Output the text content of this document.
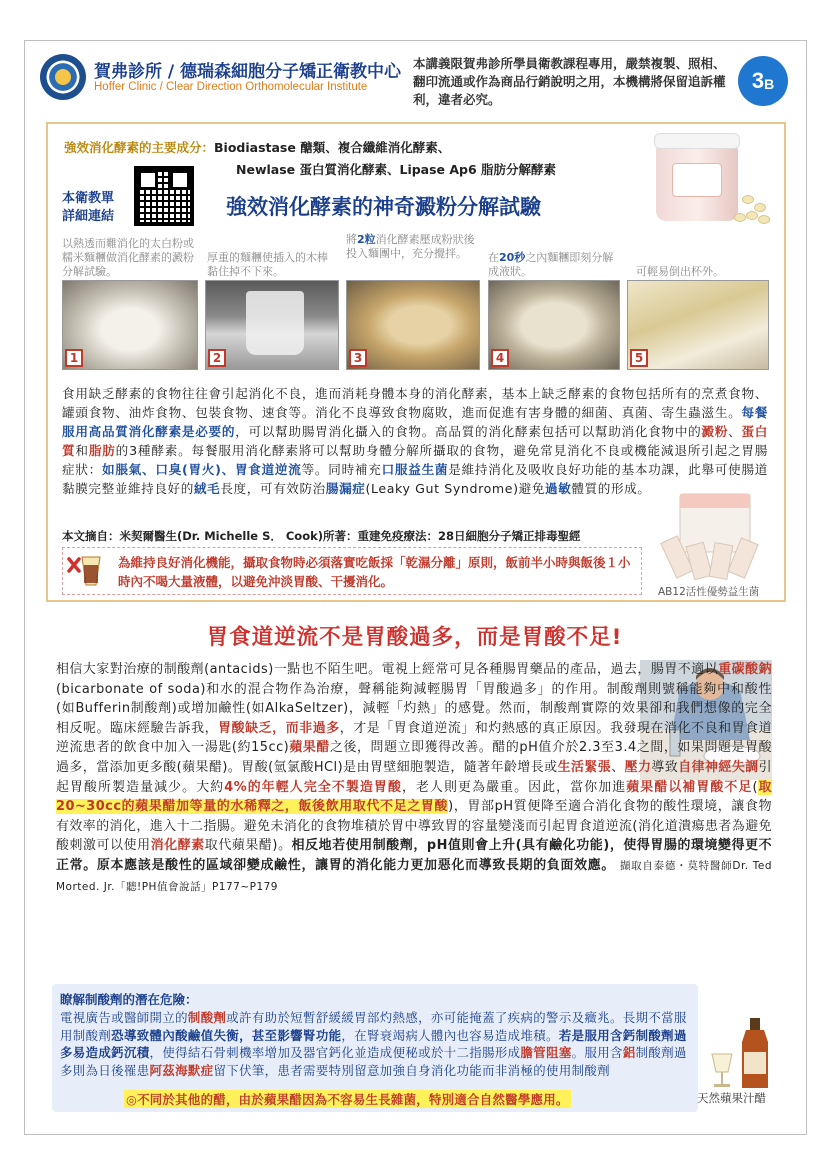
賀弗診所 / 德瑞森細胞分子矯正衛教中心
Hoffer Clinic / Clear Direction Orthomolecular Institute
本講義限賀弗診所學員衛教課程專用，嚴禁複製、照相、翻印流通或作為商品行銷說明之用，本機構將保留追訴權利，違者必究。
3 B
強效消化酵素的主要成分：Biodiastase 醣類、複合纖維消化酵素、
Newlase 蛋白質消化酵素、Lipase Ap6 脂肪分解酵素
本衛教單
詳細連結	強效消化酵素的神奇澱粉分解試驗
以熱透而難消化的太白粉或糯米麵糰做消化酵素的澱粉分解試驗。
厚重的麵糰使插入的木棒黏住掉不下來。
將2粒消化酵素壓成粉狀後投入麵團中，充分攪拌。	在20秒之內麵糰即刻分解成液狀。	可輕易倒出杯外。
1	2	3	4	5
食用缺乏酵素的食物往往會引起消化不良，進而消耗身體本身的消化酵素，基本上缺乏酵素的食物包括所有的烹煮食物、罐頭食物、油炸食物、包裝食物、速食等。消化不良導致食物腐敗，進而促進有害身體的細菌、真菌、寄生蟲滋生。每餐服用高品質消化酵素是必要的，可以幫助腸胃消化攝入的食物。高品質的消化酵素包括可以幫助消化食物中的澱粉、蛋白質和脂肪的3種酵素。每餐服用消化酵素將可以幫助身體分解所攝取的食物，避免常見消化不良或機能減退所引起之胃腸症狀：如脹氣、口臭(胃火)、胃食道逆流等。同時補充口服益生菌是維持消化及吸收良好功能的基本功課，此舉可使腸道黏膜完整並維持良好的絨毛長度，可有效防治腸漏症(Leaky Gut Syndrome)避免過敏體質的形成。
本文摘自：米契爾醫生(Dr. Michelle S． Cook)所著：重建免疫療法：28日細胞分子矯正排毒聖經
為維持良好消化機能，攝取食物時必須落實吃飯採「乾濕分離」原則，飯前半小時與飯後１小時內不喝大量液體，以避免沖淡胃酸、干擾消化。
AB12活性優勢益生菌
胃食道逆流不是胃酸過多，而是胃酸不足!
相信大家對治療的制酸劑(antacids)一點也不陌生吧。電視上經常可見各種腸胃藥品的產品，過去，腸胃不適以重碳酸鈉(bicarbonate of soda)和水的混合物作為治療，聲稱能夠減輕腸胃「胃酸過多」的作用。制酸劑則號稱能夠中和酸性(如Bufferin制酸劑)或增加鹼性(如AlkaSeltzer)，減輕「灼熱」的感覺。然而，制酸劑實際的效果卻和我們想像的完全相反呢。臨床經驗告訴我，胃酸缺乏，而非過多，才是「胃食道逆流」和灼熱感的真正原因。我發現在消化不良和胃食道逆流患者的飲食中加入一湯匙(約15cc)蘋果醋之後，問題立即獲得改善。醋的pH值介於2.3至3.4之間，如果問題是胃酸過多，當添加更多酸(蘋果醋)。胃酸(氫氯酸HCl)是由胃壁細胞製造，隨著年齡增長或生活緊張、壓力導致自律神經失調引起胃酸所製造量減少。大約4%的年輕人完全不製造胃酸，老人則更為嚴重。因此，當你加進蘋果醋以補胃酸不足(取20~30cc的蘋果醋加等量的水稀釋之，飯後飲用取代不足之胃酸)，胃部pH質便降至適合消化食物的酸性環境，讓食物有效率的消化，進入十二指腸。避免未消化的食物堆積於胃中導致胃的容量變淺而引起胃食道逆流(消化道潰瘍患者為避免酸刺激可以使用消化酵素取代蘋果醋)。相反地若使用制酸劑，pH值則會上升(具有鹼化功能)，使得胃腸的環境變得更不正常。原本應該是酸性的區域卻變成鹼性，讓胃的消化能力更加惡化而導致長期的負面效應。 擷取自泰德・莫特醫師Dr. Ted Morted. Jr.「聽!PH值會說話」P177~P179
瞭解制酸劑的潛在危險：
電視廣告或醫師開立的制酸劑或許有助於短暫舒緩緩胃部灼熱感，亦可能掩蓋了疾病的警示及癥兆。長期不當服用制酸劑恐導致體內酸鹼值失衡，甚至影響腎功能，在腎衰竭病人體內也容易造成堆積。若是服用含鈣制酸劑過多易造成鈣沉積，使得結石骨刺機率增加及器官鈣化並造成便秘或於十二指腸形成膽管阻塞。服用含鋁制酸劑過多則為日後罹患阿茲海默症留下伏筆，患者需要特別留意加強自身消化功能而非消極的使用制酸劑
◎不同於其他的醋，由於蘋果醋因為不容易生長雜菌，特別適合自然醫學應用。	天然蘋果汁醋
